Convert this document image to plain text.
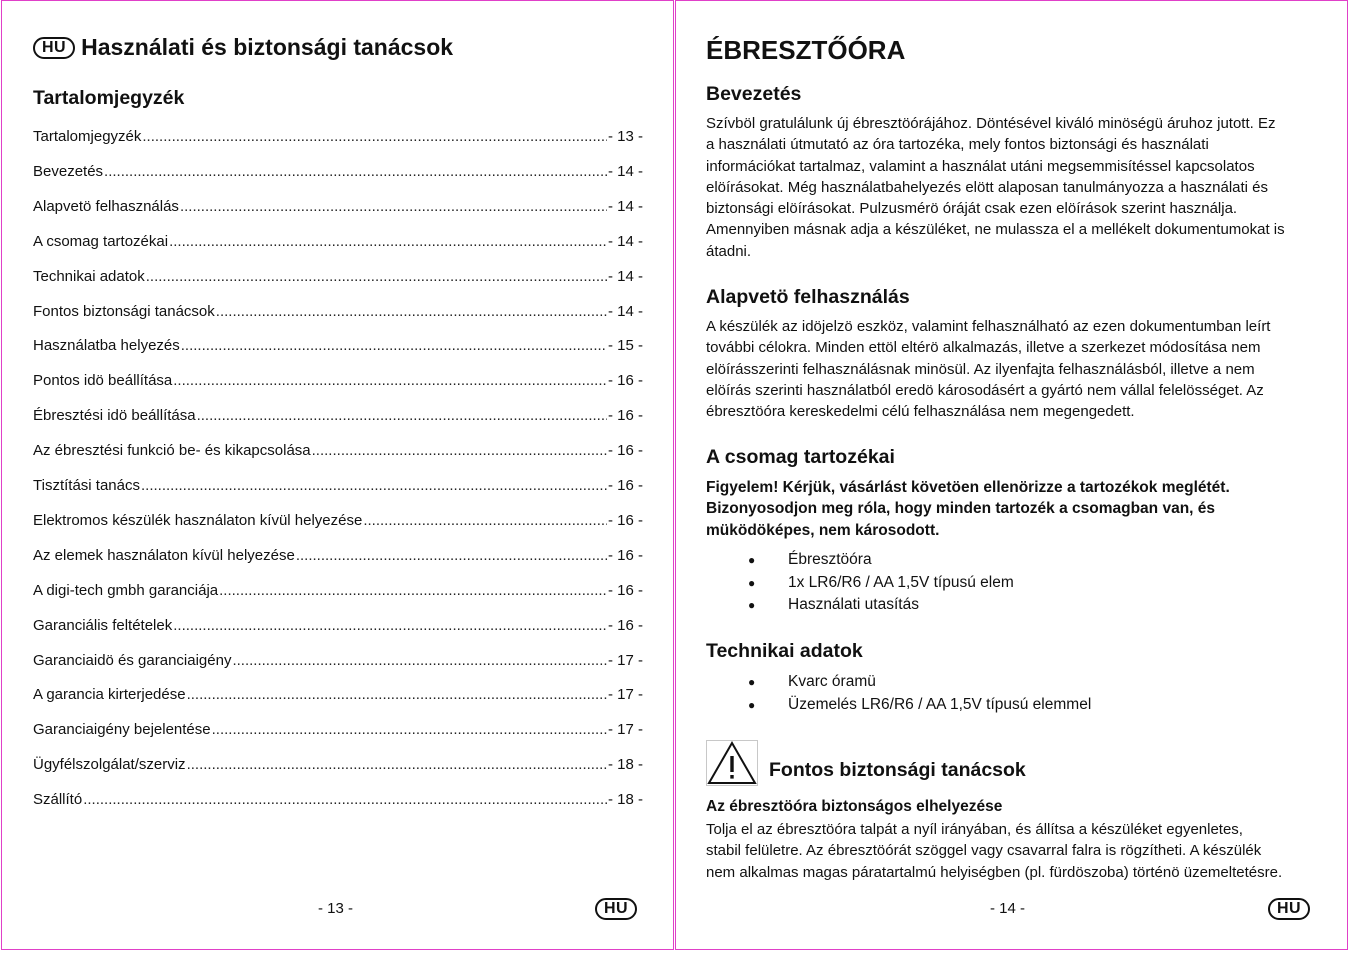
HU Használati és biztonsági tanácsok
Tartalomjegyzék
Tartalomjegyzék .....	- 13 -
Bevezetés .....	- 14 -
Alapvetö felhasználás .....	- 14 -
A csomag tartozékai .....	- 14 -
Technikai adatok .....	- 14 -
Fontos biztonsági tanácsok .....	- 14 -
Használatba helyezés .....	- 15 -
Pontos idö beállítása .....	- 16 -
Ébresztési idö beállítása .....	- 16 -
Az ébresztési funkció be- és kikapcsolása .....	- 16 -
Tisztítási tanács .....	- 16 -
Elektromos készülék használaton kívül helyezése .....	- 16 -
Az elemek használaton kívül helyezése .....	- 16 -
A digi-tech gmbh garanciája .....	- 16 -
Garanciális feltételek .....	- 16 -
Garanciaidö és garanciaigény .....	- 17 -
A garancia kirterjedése .....	- 17 -
Garanciaigény bejelentése .....	- 17 -
Ügyfélszolgálat/szerviz .....	- 18 -
Szállító .....	- 18 -
- 13 -	HU
ÉBRESZTŐÓRA
Bevezetés
Szívböl gratulálunk új ébresztöórájához. Döntésével kiváló minöségü áruhoz jutott. Ez
a használati útmutató az óra tartozéka, mely fontos biztonsági és használati
információkat tartalmaz, valamint a használat utáni megsemmisítéssel kapcsolatos
elöírásokat. Még használatbahelyezés elött alaposan tanulmányozza a használati és
biztonsági elöírásokat. Pulzusmérö óráját csak ezen elöírások szerint használja.
Amennyiben másnak adja a készüléket, ne mulassza el a mellékelt dokumentumokat is
átadni.
Alapvetö felhasználás
A készülék az idöjelzö eszköz, valamint felhasználható az ezen dokumentumban leírt
további célokra. Minden ettöl eltérö alkalmazás, illetve a szerkezet módosítása nem
elöírásszerinti felhasználásnak minösül. Az ilyenfajta felhasználásból, illetve a nem
elöírás szerinti használatból eredö károsodásért a gyártó nem vállal felelösséget. Az
ébresztöóra kereskedelmi célú felhasználása nem megengedett.
A csomag tartozékai
Figyelem! Kérjük, vásárlást követöen ellenörizze a tartozékok meglétét.
Bizonyosodjon meg róla, hogy minden tartozék a csomagban van, és
müködöképes, nem károsodott.
● Ébresztöóra
● 1x LR6/R6 / AA 1,5V típusú elem
● Használati utasítás
Technikai adatok
● Kvarc óramü
● Üzemelés LR6/R6 / AA 1,5V típusú elemmel
Fontos biztonsági tanácsok
Az ébresztöóra biztonságos elhelyezése
Tolja el az ébresztöóra talpát a nyíl irányában, és állítsa a készüléket egyenletes,
stabil felületre. Az ébresztöórát szöggel vagy csavarral falra is rögzítheti. A készülék
nem alkalmas magas páratartalmú helyiségben (pl. fürdöszoba) történö üzemeltetésre.
- 14 -	HU
